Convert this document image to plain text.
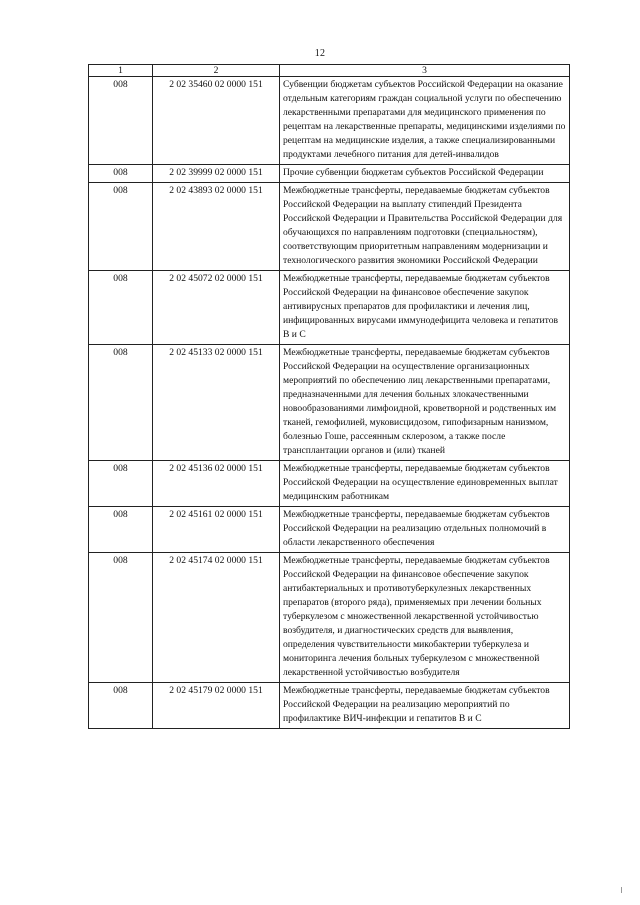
12
1	2	3
008	2 02 35460 02 0000 151	Субвенции бюджетам субъектов Российской Федерации на оказание отдельным категориям граждан социальной услуги по обеспечению лекарственными препаратами для медицинского применения по рецептам на лекарственные препараты, медицинскими изделиями по рецептам на медицинские изделия, а также специализированными продуктами лечебного питания для детей-инвалидов
008	2 02 39999 02 0000 151	Прочие субвенции бюджетам субъектов Российской Федерации
008	2 02 43893 02 0000 151	Межбюджетные трансферты, передаваемые бюджетам субъектов Российской Федерации на выплату стипендий Президента Российской Федерации и Правительства Российской Федерации для обучающихся по направлениям подготовки (специальностям), соответствующим приоритетным направлениям модернизации и технологического развития экономики Российской Федерации
008	2 02 45072 02 0000 151	Межбюджетные трансферты, передаваемые бюджетам субъектов Российской Федерации на финансовое обеспечение закупок антивирусных препаратов для профилактики и лечения лиц, инфицированных вирусами иммунодефицита человека и гепатитов В и С
008	2 02 45133 02 0000 151	Межбюджетные трансферты, передаваемые бюджетам субъектов Российской Федерации на осуществление организационных мероприятий по обеспечению лиц лекарственными препаратами, предназначенными для лечения больных злокачественными новообразованиями лимфоидной, кроветворной и родственных им тканей, гемофилией, муковисцидозом, гипофизарным нанизмом, болезнью Гоше, рассеянным склерозом, а также после трансплантации органов и (или) тканей
008	2 02 45136 02 0000 151	Межбюджетные трансферты, передаваемые бюджетам субъектов Российской Федерации на осуществление единовременных выплат медицинским работникам
008	2 02 45161 02 0000 151	Межбюджетные трансферты, передаваемые бюджетам субъектов Российской Федерации на реализацию отдельных полномочий в области лекарственного обеспечения
008	2 02 45174 02 0000 151	Межбюджетные трансферты, передаваемые бюджетам субъектов Российской Федерации на финансовое обеспечение закупок антибактериальных и противотуберкулезных лекарственных препаратов (второго ряда), применяемых при лечении больных туберкулезом с множественной лекарственной устойчивостью возбудителя, и диагностических средств для выявления, определения чувствительности микобактерии туберкулеза и мониторинга лечения больных туберкулезом с множественной лекарственной устойчивостью возбудителя
008	2 02 45179 02 0000 151	Межбюджетные трансферты, передаваемые бюджетам субъектов Российской Федерации на реализацию мероприятий по профилактике ВИЧ-инфекции и гепатитов В и С
